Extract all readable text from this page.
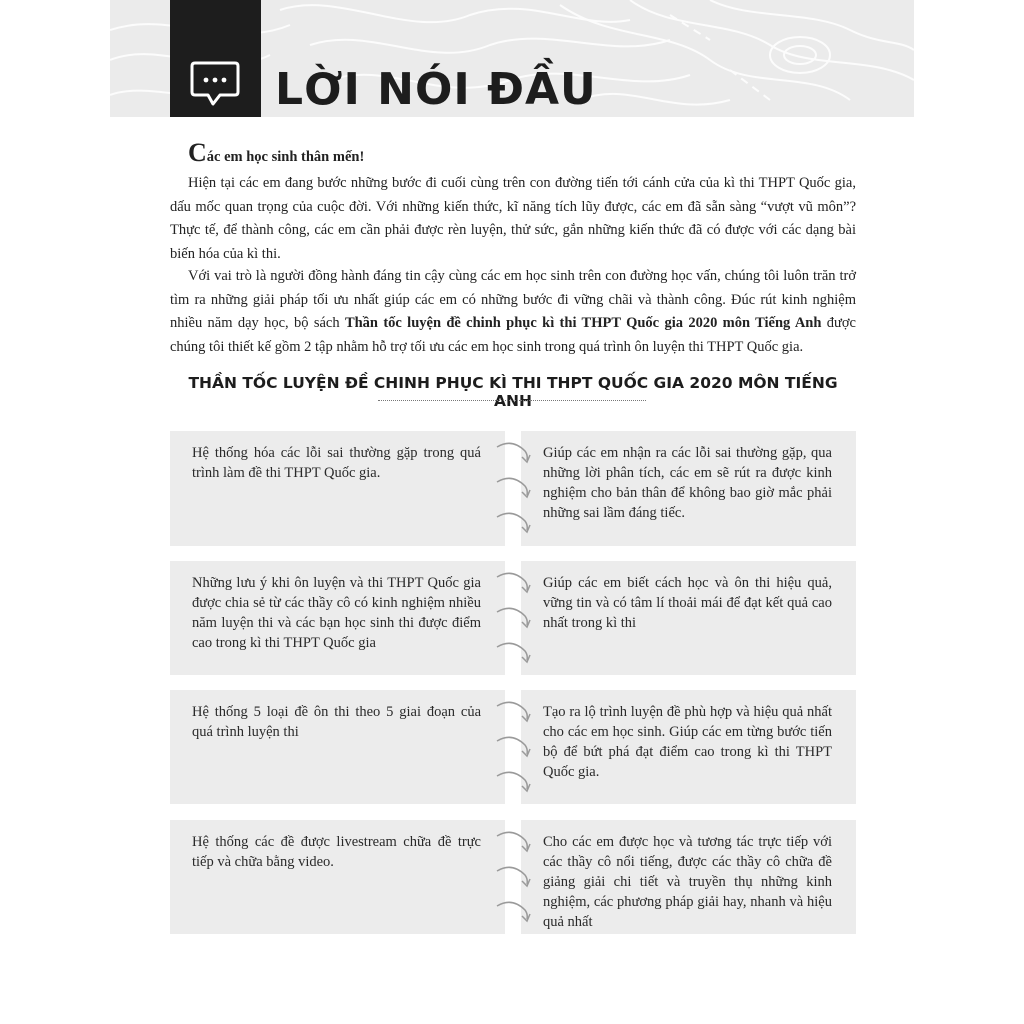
LỜI NÓI ĐẦU
Các em học sinh thân mến!

Hiện tại các em đang bước những bước đi cuối cùng trên con đường tiến tới cánh cửa của kì thi THPT Quốc gia, dấu mốc quan trọng của cuộc đời. Với những kiến thức, kĩ năng tích lũy được, các em đã sẵn sàng “vượt vũ môn”? Thực tế, để thành công, các em cần phải được rèn luyện, thử sức, gắn những kiến thức đã có được với các dạng bài biến hóa của kì thi.

Với vai trò là người đồng hành đáng tin cậy cùng các em học sinh trên con đường học vấn, chúng tôi luôn trăn trở tìm ra những giải pháp tối ưu nhất giúp các em có những bước đi vững chãi và thành công. Đúc rút kinh nghiệm nhiều năm dạy học, bộ sách Thần tốc luyện đề chinh phục kì thi THPT Quốc gia 2020 môn Tiếng Anh được chúng tôi thiết kế gồm 2 tập nhằm hỗ trợ tối ưu các em học sinh trong quá trình ôn luyện thi THPT Quốc gia.

THẦN TỐC LUYỆN ĐỀ CHINH PHỤC KÌ THI THPT QUỐC GIA 2020 MÔN TIẾNG ANH

Hệ thống hóa các lỗi sai thường gặp trong quá trình làm đề thi THPT Quốc gia.

Giúp các em nhận ra các lỗi sai thường gặp, qua những lời phân tích, các em sẽ rút ra được kinh nghiệm cho bản thân để không bao giờ mắc phải những sai lầm đáng tiếc.

Những lưu ý khi ôn luyện và thi THPT Quốc gia được chia sẻ từ các thầy cô có kinh nghiệm nhiều năm luyện thi và các bạn học sinh thi được điểm cao trong kì thi THPT Quốc gia

Giúp các em biết cách học và ôn thi hiệu quả, vững tin và có tâm lí thoải mái để đạt kết quả cao nhất trong kì thi

Hệ thống 5 loại đề ôn thi theo 5 giai đoạn của quá trình luyện thi

Tạo ra lộ trình luyện đề phù hợp và hiệu quả nhất cho các em học sinh. Giúp các em từng bước tiến bộ để bứt phá đạt điểm cao trong kì thi THPT Quốc gia.

Hệ thống các đề được livestream chữa đề trực tiếp và chữa bằng video.

Cho các em được học và tương tác trực tiếp với các thầy cô nổi tiếng, được các thầy cô chữa đề giảng giải chi tiết và truyền thụ những kinh nghiệm, các phương pháp giải hay, nhanh và hiệu quả nhất
